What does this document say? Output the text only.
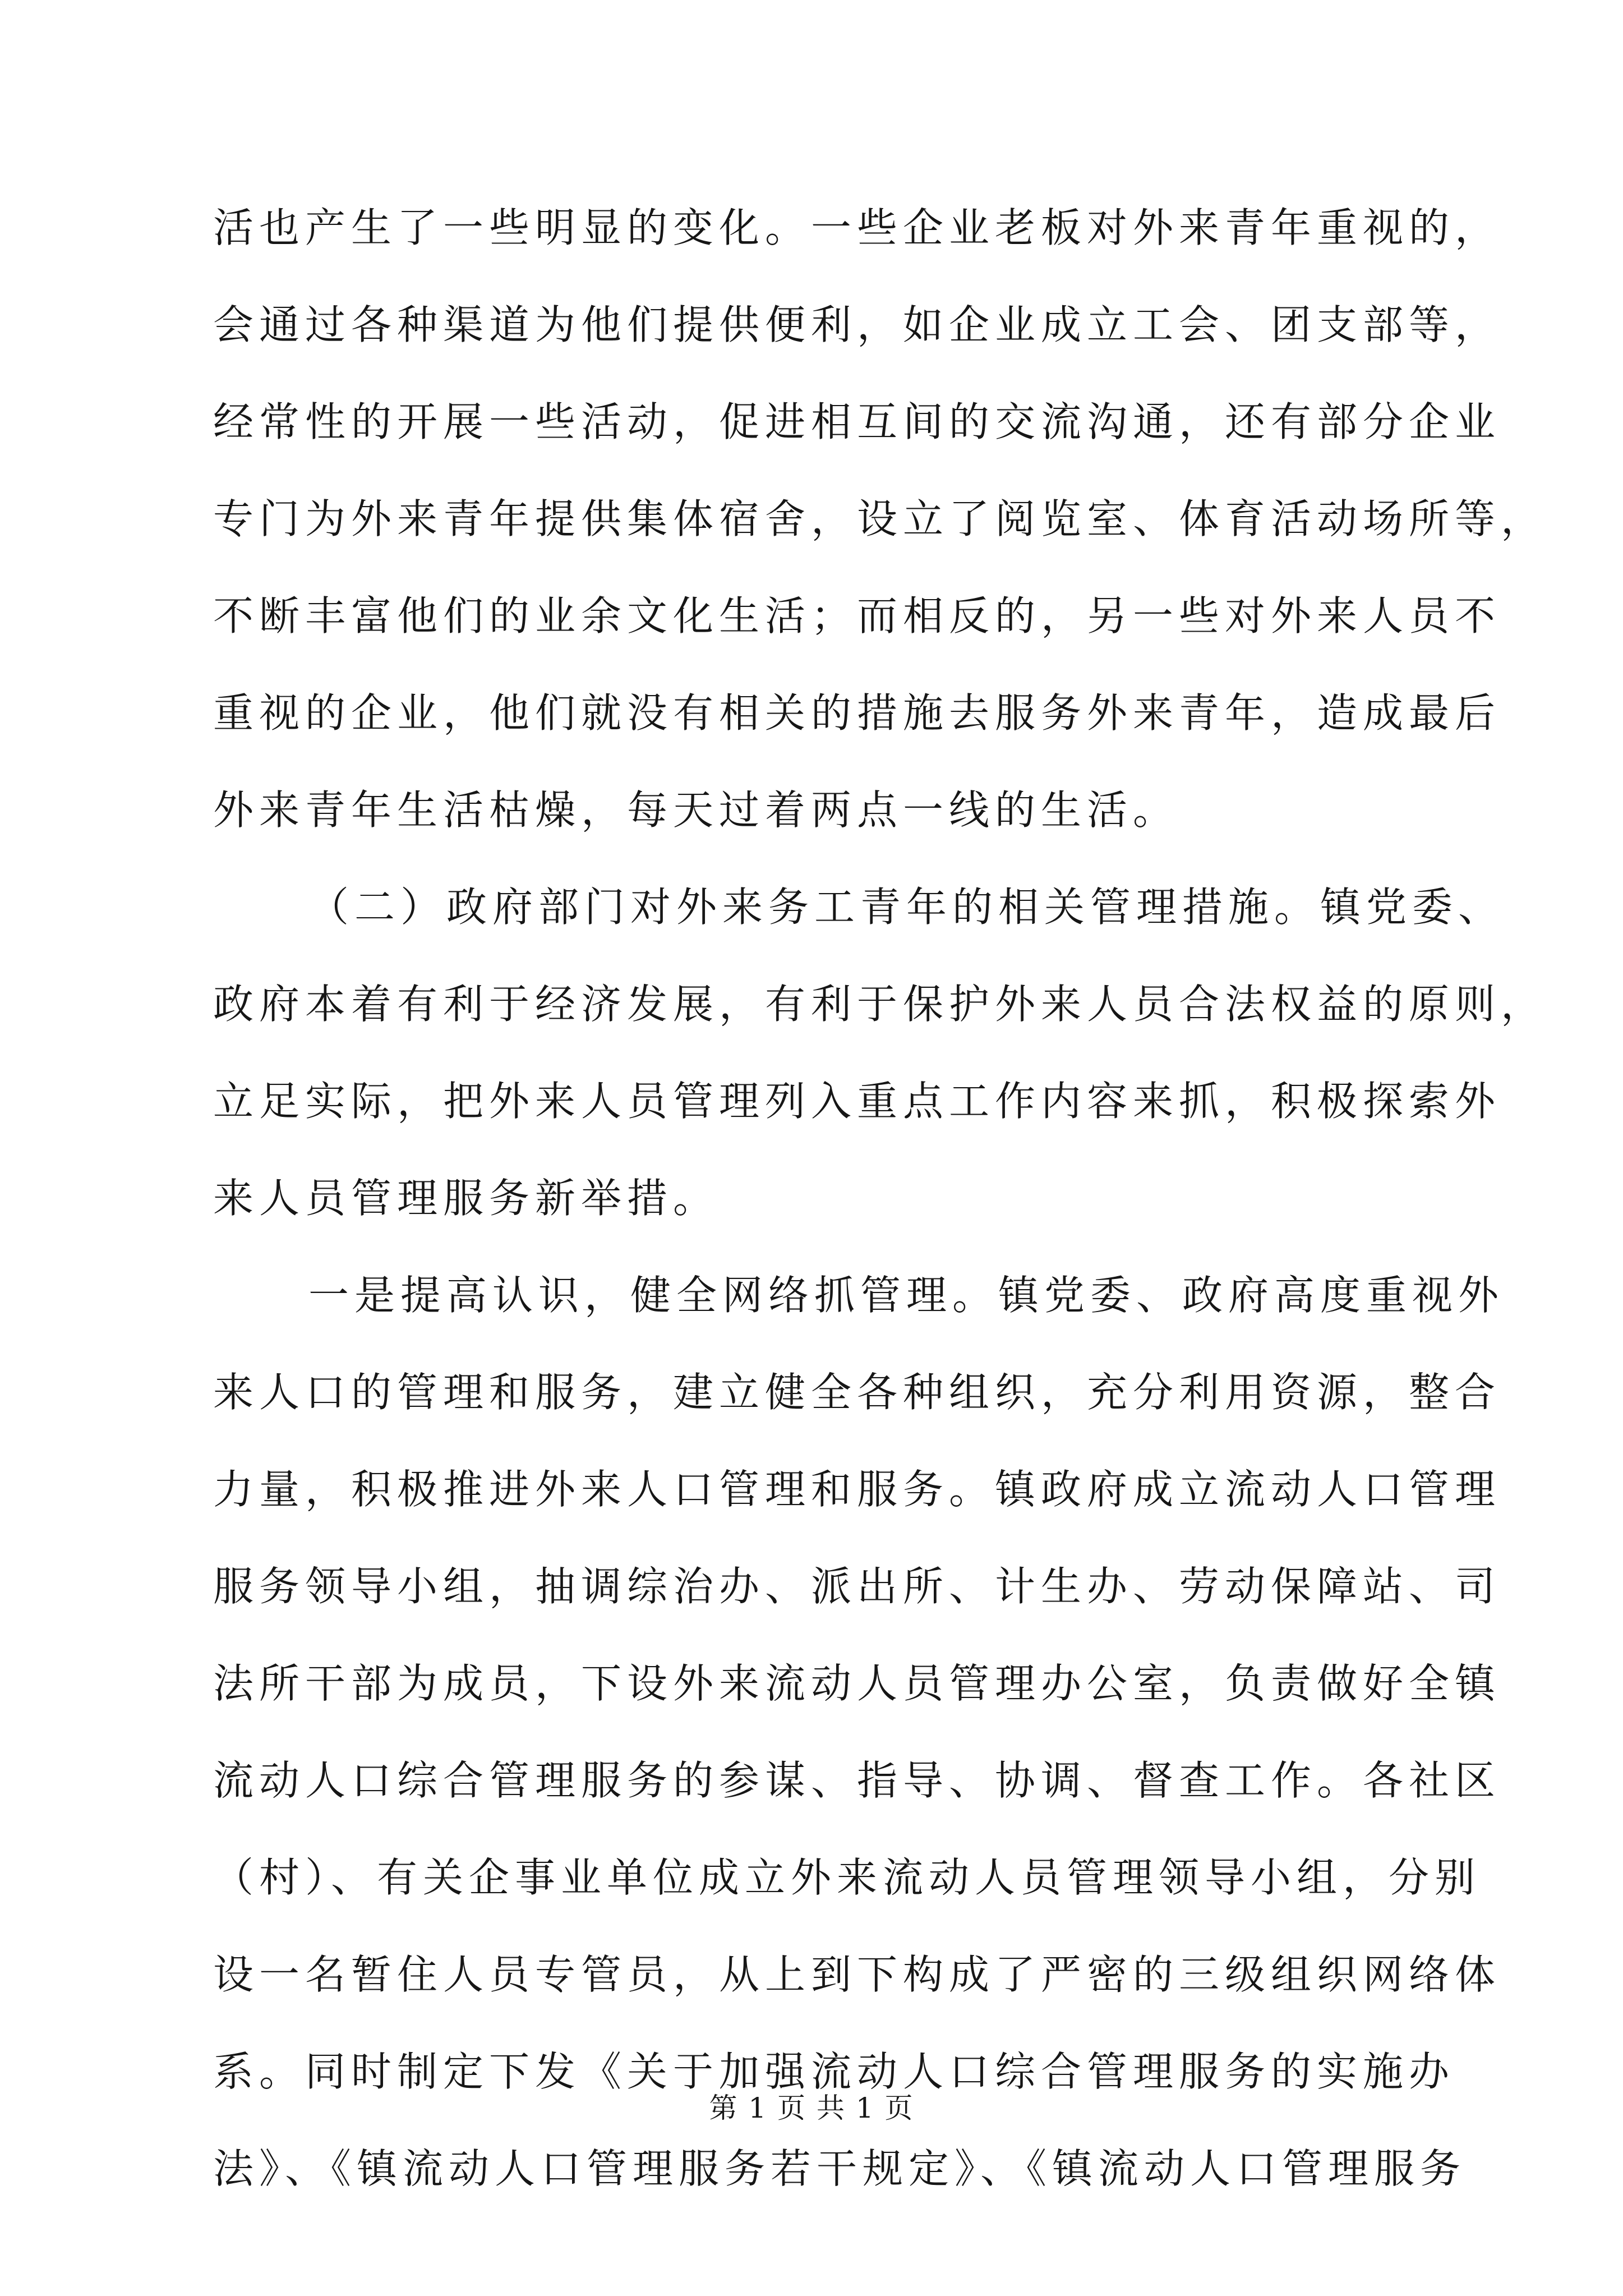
活也产生了一些明显的变化。一些企业老板对外来青年重视的，
会通过各种渠道为他们提供便利，如企业成立工会、团支部等，
经常性的开展一些活动，促进相互间的交流沟通，还有部分企业
专门为外来青年提供集体宿舍，设立了阅览室、体育活动场所等，
不断丰富他们的业余文化生活；而相反的，另一些对外来人员不
重视的企业，他们就没有相关的措施去服务外来青年，造成最后
外来青年生活枯燥，每天过着两点一线的生活。
（二）政府部门对外来务工青年的相关管理措施。镇党委、
政府本着有利于经济发展，有利于保护外来人员合法权益的原则，
立足实际，把外来人员管理列入重点工作内容来抓，积极探索外
来人员管理服务新举措。
一是提高认识，健全网络抓管理。镇党委、政府高度重视外
来人口的管理和服务，建立健全各种组织，充分利用资源，整合
力量，积极推进外来人口管理和服务。镇政府成立流动人口管理
服务领导小组，抽调综治办、派出所、计生办、劳动保障站、司
法所干部为成员，下设外来流动人员管理办公室，负责做好全镇
流动人口综合管理服务的参谋、指导、协调、督查工作。各社区
（村）、有关企事业单位成立外来流动人员管理领导小组，分别
设一名暂住人员专管员，从上到下构成了严密的三级组织网络体
系。同时制定下发《关于加强流动人口综合管理服务的实施办
法》、《镇流动人口管理服务若干规定》、《镇流动人口管理服务
第 1 页 共 1 页
